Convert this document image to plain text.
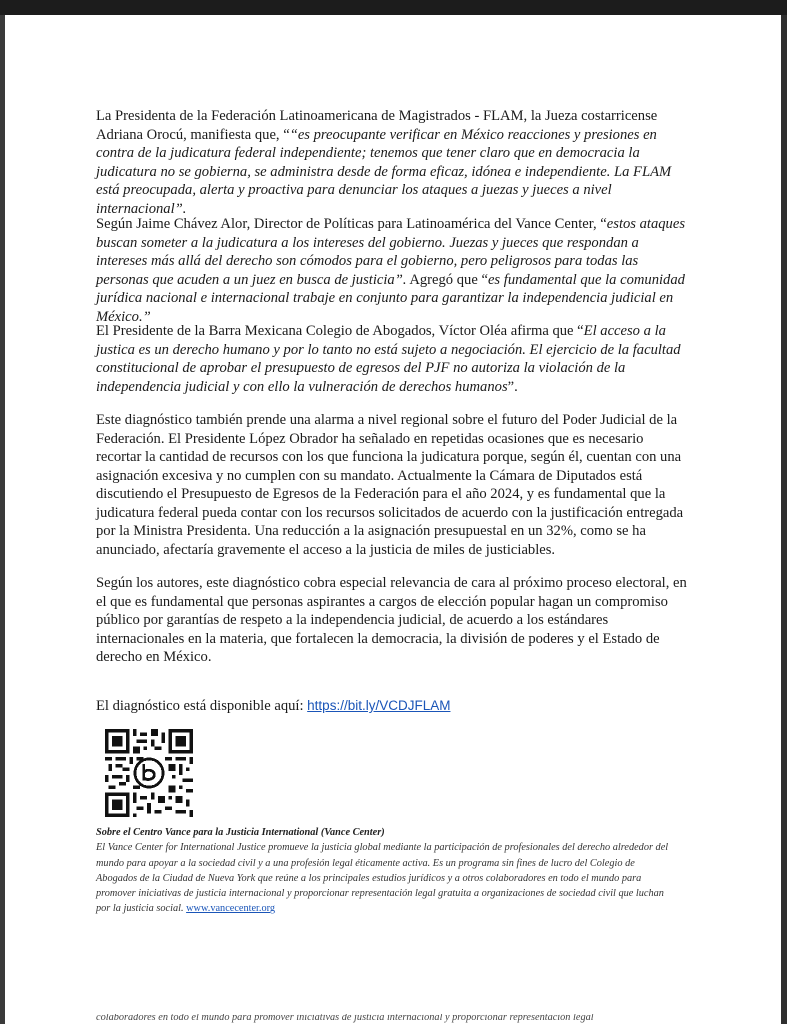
La Presidenta de la Federación Latinoamericana de Magistrados - FLAM, la Jueza costarricense Adriana Orocú, manifiesta que, ““es preocupante verificar en México reacciones y presiones en contra de la judicatura federal independiente; tenemos que tener claro que en democracia la judicatura no se gobierna, se administra desde de forma eficaz, idónea e independiente. La FLAM está preocupada, alerta y proactiva para denunciar los ataques a juezas y jueces a nivel internacional”.

Según Jaime Chávez Alor, Director de Políticas para Latinoamérica del Vance Center, “estos ataques buscan someter a la judicatura a los intereses del gobierno. Juezas y jueces que respondan a intereses más allá del derecho son cómodos para el gobierno, pero peligrosos para todas las personas que acuden a un juez en busca de justicia”. Agregó que “es fundamental que la comunidad jurídica nacional e internacional trabaje en conjunto para garantizar la independencia judicial en México.”

El Presidente de la Barra Mexicana Colegio de Abogados, Víctor Oléa afirma que “El acceso a la justica es un derecho humano y por lo tanto no está sujeto a negociación. El ejercicio de la facultad constitucional de aprobar el presupuesto de egresos del PJF no autoriza la violación de la independencia judicial y con ello la vulneración de derechos humanos”.

Este diagnóstico también prende una alarma a nivel regional sobre el futuro del Poder Judicial de la Federación. El Presidente López Obrador ha señalado en repetidas ocasiones que es necesario recortar la cantidad de recursos con los que funciona la judicatura porque, según él, cuentan con una asignación excesiva y no cumplen con su mandato. Actualmente la Cámara de Diputados está discutiendo el Presupuesto de Egresos de la Federación para el año 2024, y es fundamental que la judicatura federal pueda contar con los recursos solicitados de acuerdo con la justificación entregada por la Ministra Presidenta. Una reducción a la asignación presupuestal en un 32%, como se ha anunciado, afectaría gravemente el acceso a la justicia de miles de justiciables.

Según los autores, este diagnóstico cobra especial relevancia de cara al próximo proceso electoral, en el que es fundamental que personas aspirantes a cargos de elección popular hagan un compromiso público por garantías de respeto a la independencia judicial, de acuerdo a los estándares internacionales en la materia, que fortalecen la democracia, la división de poderes y el Estado de derecho en México.

El diagnóstico está disponible aquí: https://bit.ly/VCDJFLAM
Sobre el Centro Vance para la Justicia International (Vance Center)
El Vance Center for International Justice promueve la justicia global mediante la participación de profesionales del derecho alrededor del mundo para apoyar a la sociedad civil y a una profesión legal éticamente activa. Es un programa sin fines de lucro del Colegio de Abogados de la Ciudad de Nueva York que reúne a los principales estudios jurídicos y a otros colaboradores en todo el mundo para promover iniciativas de justicia internacional y proporcionar representación legal gratuita a organizaciones de sociedad civil que luchan por la justicia social. www.vancecenter.org
colaboradores en todo el mundo para promover iniciativas de justicia internacional y proporcionar representación legal
